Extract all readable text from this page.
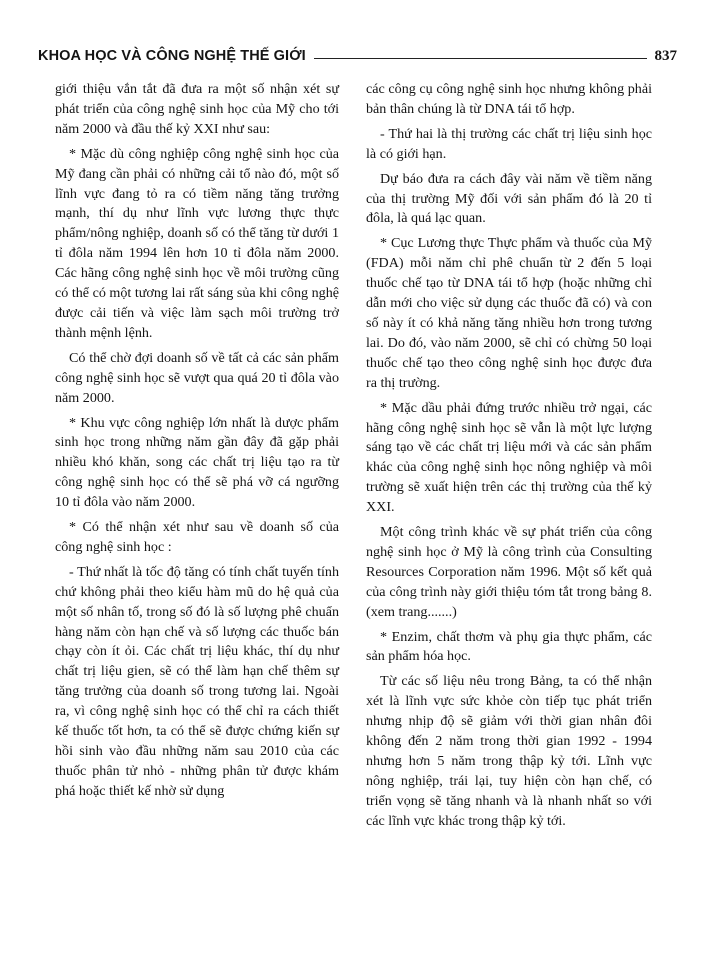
KHOA HỌC VÀ CÔNG NGHỆ THẾ GIỚI	837

giới thiệu vắn tắt đã đưa ra một số nhận xét sự phát triển của công nghệ sinh học của Mỹ cho tới năm 2000 và đầu thế kỷ XXI như sau:

* Mặc dù công nghiệp công nghệ sinh học của Mỹ đang cần phải có những cải tổ nào đó, một số lĩnh vực đang tỏ ra có tiềm năng tăng trưởng mạnh, thí dụ như lĩnh vực lương thực thực phẩm/nông nghiệp, doanh số có thể tăng từ dưới 1 tỉ đôla năm 1994 lên hơn 10 tỉ đôla năm 2000. Các hãng công nghệ sinh học về môi trường cũng có thể có một tương lai rất sáng sủa khi công nghệ được cải tiến và việc làm sạch môi trường trở thành mệnh lệnh.

Có thể chờ đợi doanh số về tất cả các sản phẩm công nghệ sinh học sẽ vượt qua quá 20 tỉ đôla vào năm 2000.

* Khu vực công nghiệp lớn nhất là dược phẩm sinh học trong những năm gần đây đã gặp phải nhiều khó khăn, song các chất trị liệu tạo ra từ công nghệ sinh học có thể sẽ phá vỡ cá ngưỡng 10 tỉ đôla vào năm 2000.

* Có thể nhận xét như sau về doanh số của công nghệ sinh học :

- Thứ nhất là tốc độ tăng có tính chất tuyến tính chứ không phải theo kiểu hàm mũ do hệ quả của một số nhân tố, trong số đó là số lượng phê chuẩn hàng năm còn hạn chế và số lượng các thuốc bán chạy còn ít ỏi. Các chất trị liệu khác, thí dụ như chất trị liệu gien, sẽ có thể làm hạn chế thêm sự tăng trưởng của doanh số trong tương lai. Ngoài ra, vì công nghệ sinh học có thể chỉ ra cách thiết kế thuốc tốt hơn, ta có thể sẽ được chứng kiến sự hồi sinh vào đầu những năm sau 2010 của các thuốc phân tử nhỏ - những phân tử được khám phá hoặc thiết kế nhờ sử dụng

các công cụ công nghệ sinh học nhưng không phải bản thân chúng là từ DNA tái tổ hợp.

- Thứ hai là thị trường các chất trị liệu sinh học là có giới hạn.

Dự báo đưa ra cách đây vài năm về tiềm năng của thị trường Mỹ đối với sản phẩm đó là 20 tỉ đôla, là quá lạc quan.

* Cục Lương thực Thực phẩm và thuốc của Mỹ (FDA) mỗi năm chỉ phê chuẩn từ 2 đến 5 loại thuốc chế tạo từ DNA tái tổ hợp (hoặc những chỉ dẫn mới cho việc sử dụng các thuốc đã có) và con số này ít có khả năng tăng nhiều hơn trong tương lai. Do đó, vào năm 2000, sẽ chỉ có chừng 50 loại thuốc chế tạo theo công nghệ sinh học được đưa ra thị trường.

* Mặc dầu phải đứng trước nhiều trở ngại, các hãng công nghệ sinh học sẽ vẫn là một lực lượng sáng tạo về các chất trị liệu mới và các sản phẩm khác của công nghệ sinh học nông nghiệp và môi trường sẽ xuất hiện trên các thị trường của thế kỷ XXI.

Một công trình khác về sự phát triển của công nghệ sinh học ở Mỹ là công trình của Consulting Resources Corporation năm 1996. Một số kết quả của công trình này giới thiệu tóm tắt trong bảng 8. (xem trang.......)

* Enzim, chất thơm và phụ gia thực phẩm, các sản phẩm hóa học.

Từ các số liệu nêu trong Bảng, ta có thể nhận xét là lĩnh vực sức khỏe còn tiếp tục phát triển nhưng nhịp độ sẽ giảm với thời gian nhân đôi không đến 2 năm trong thời gian 1992 - 1994 nhưng hơn 5 năm trong thập kỷ tới. Lĩnh vực nông nghiệp, trái lại, tuy hiện còn hạn chế, có triển vọng sẽ tăng nhanh và là nhanh nhất so với các lĩnh vực khác trong thập kỷ tới.
